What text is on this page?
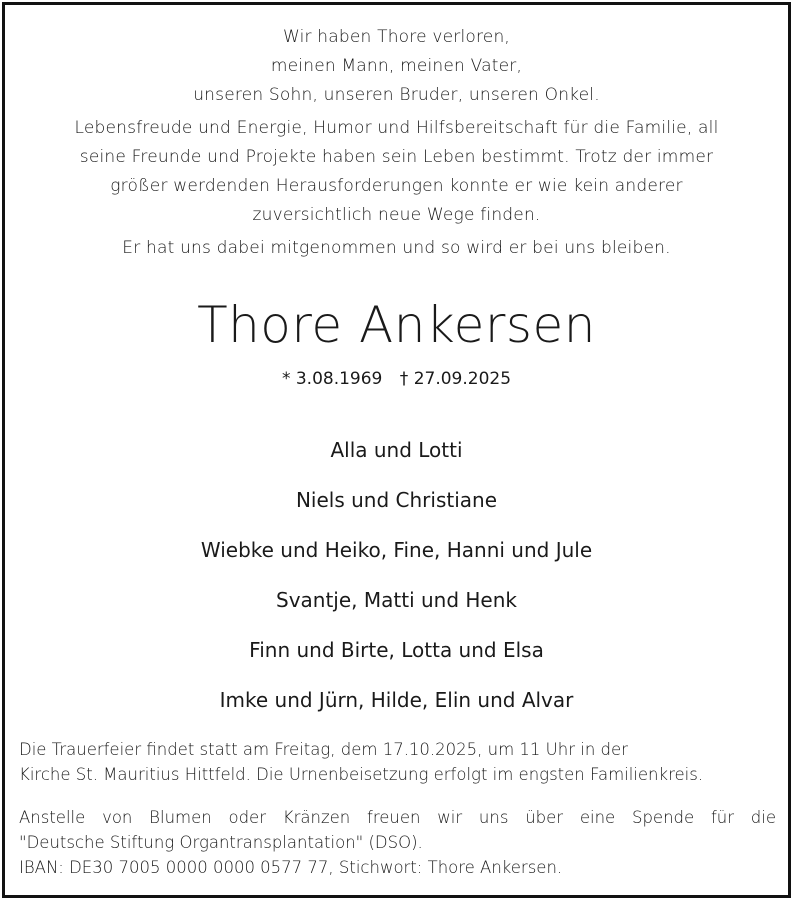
Wir haben Thore verloren,
meinen Mann, meinen Vater,
unseren Sohn, unseren Bruder, unseren Onkel.
Lebensfreude und Energie, Humor und Hilfsbereitschaft für die Familie, all
seine Freunde und Projekte haben sein Leben bestimmt. Trotz der immer
größer werdenden Herausforderungen konnte er wie kein anderer
zuversichtlich neue Wege finden.
Er hat uns dabei mitgenommen und so wird er bei uns bleiben.
Thore Ankersen
* 3.08.1969 † 27.09.2025
Alla und Lotti
Niels und Christiane
Wiebke und Heiko, Fine, Hanni und Jule
Svantje, Matti und Henk
Finn und Birte, Lotta und Elsa
Imke und Jürn, Hilde, Elin und Alvar
Die Trauerfeier findet statt am Freitag, dem 17.10.2025, um 11 Uhr in der
Kirche St. Mauritius Hittfeld. Die Urnenbeisetzung erfolgt im engsten Familienkreis.
Anstelle von Blumen oder Kränzen freuen wir uns über eine Spende für die
"Deutsche Stiftung Organtransplantation" (DSO).
IBAN: DE30 7005 0000 0000 0577 77, Stichwort: Thore Ankersen.
